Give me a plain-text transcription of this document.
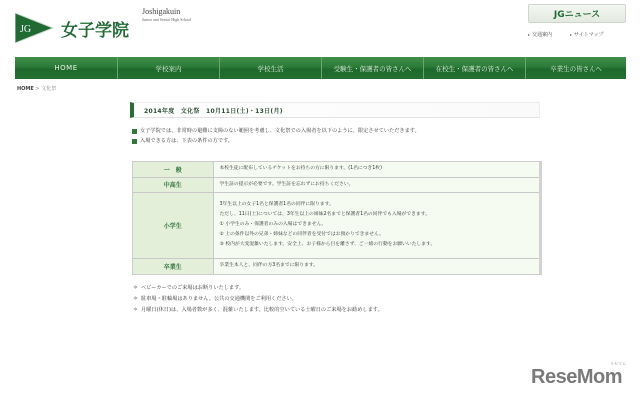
JG 女子学院
Joshigakuin
Junior and Senior High School	JGニュース
▸ 交通案内	▸ サイトマップ
HOME	学校案内	学校生活	受験生・保護者の皆さんへ	在校生・保護者の皆さんへ	卒業生の皆さんへ
HOME > 文化祭
2014年度　文化祭　10月11日(土)・13日(月)
女子学院では、非常時の避難に支障のない範囲を考慮し、文化祭での入場者を以下のように、限定させていただきます。
入場できる方は、下表の条件の方です。
一　般	本校生徒に配布しているチケットをお持ちの方に限ります。(1名につき1枚)

中高生	学生証の提示が必要です。学生証を忘れずにお持ちください。

小学生	3年生以上の女子1名と保護者1名の同伴に限ります。
ただし、11日(土)については、3年生以上の姉妹2名までと保護者1名の同伴でも入場ができます。
① 小学生のみ・保護者のみの入場はできません。
② 上の条件以外の兄弟・姉妹などの同伴者を受付ではお預かりできません。
③ 校内が大変混雑いたします。安全上、お子様から目を離さず、ご一緒の行動をお願いいたします。

卒業生	卒業生本人と、同伴の方3名までに限ります。
＊ ベビーカーでのご来場はお断りいたします。
＊ 駐車場・駐輪場はありません。公共の交通機関をご利用ください。
＊ 月曜日(休日)は、入場者数が多く、混雑いたします。比較的空いている土曜日のご来場をお勧めします。
ReseMom
リセマム
